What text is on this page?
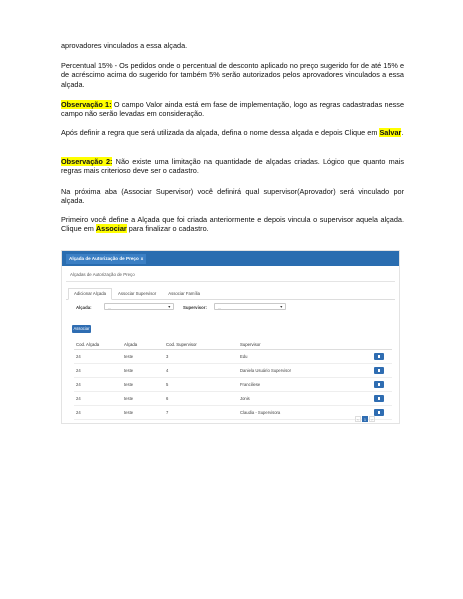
aprovadores vinculados a essa alçada.

Percentual 15% - Os pedidos onde o percentual de desconto aplicado no preço sugerido for de até 15% e de acréscimo acima do sugerido for também 5% serão autorizados pelos aprovadores vinculados a essa alçada.

Observação 1: O campo Valor ainda está em fase de implementação, logo as regras cadastradas nesse campo não serão levadas em consideração.

Após definir a regra que será utilizada da alçada, defina o nome dessa alçada e depois Clique em Salvar.

Observação 2: Não existe uma limitação na quantidade de alçadas criadas. Lógico que quanto mais regras mais criterioso deve ser o cadastro.

Na próxima aba (Associar Supervisor) você definirá qual supervisor(Aprovador) será vinculado por alçada.

Primeiro você define a Alçada que foi criada anteriormente e depois vincula o supervisor aquela alçada. Clique em Associar para finalizar o cadastro.

Alçada de Autorização de Preço x
Alçadas de Autorização de Preço
Adicionar Alçada	Associar Supervisor	Associar Família
Alçada:	...	▼	Supervisor:	...	▼
Associar
Cod. Alçada	Alçada	Cod. Supervisor	Supervisor	
24	teste	3	Edu	
24	teste	4	Daniela Usuário Supervisor	
24	teste	5	Franciliese	
24	teste	6	Jonis	
24	teste	7	Claudia - Supervisora	
‹	1	›
